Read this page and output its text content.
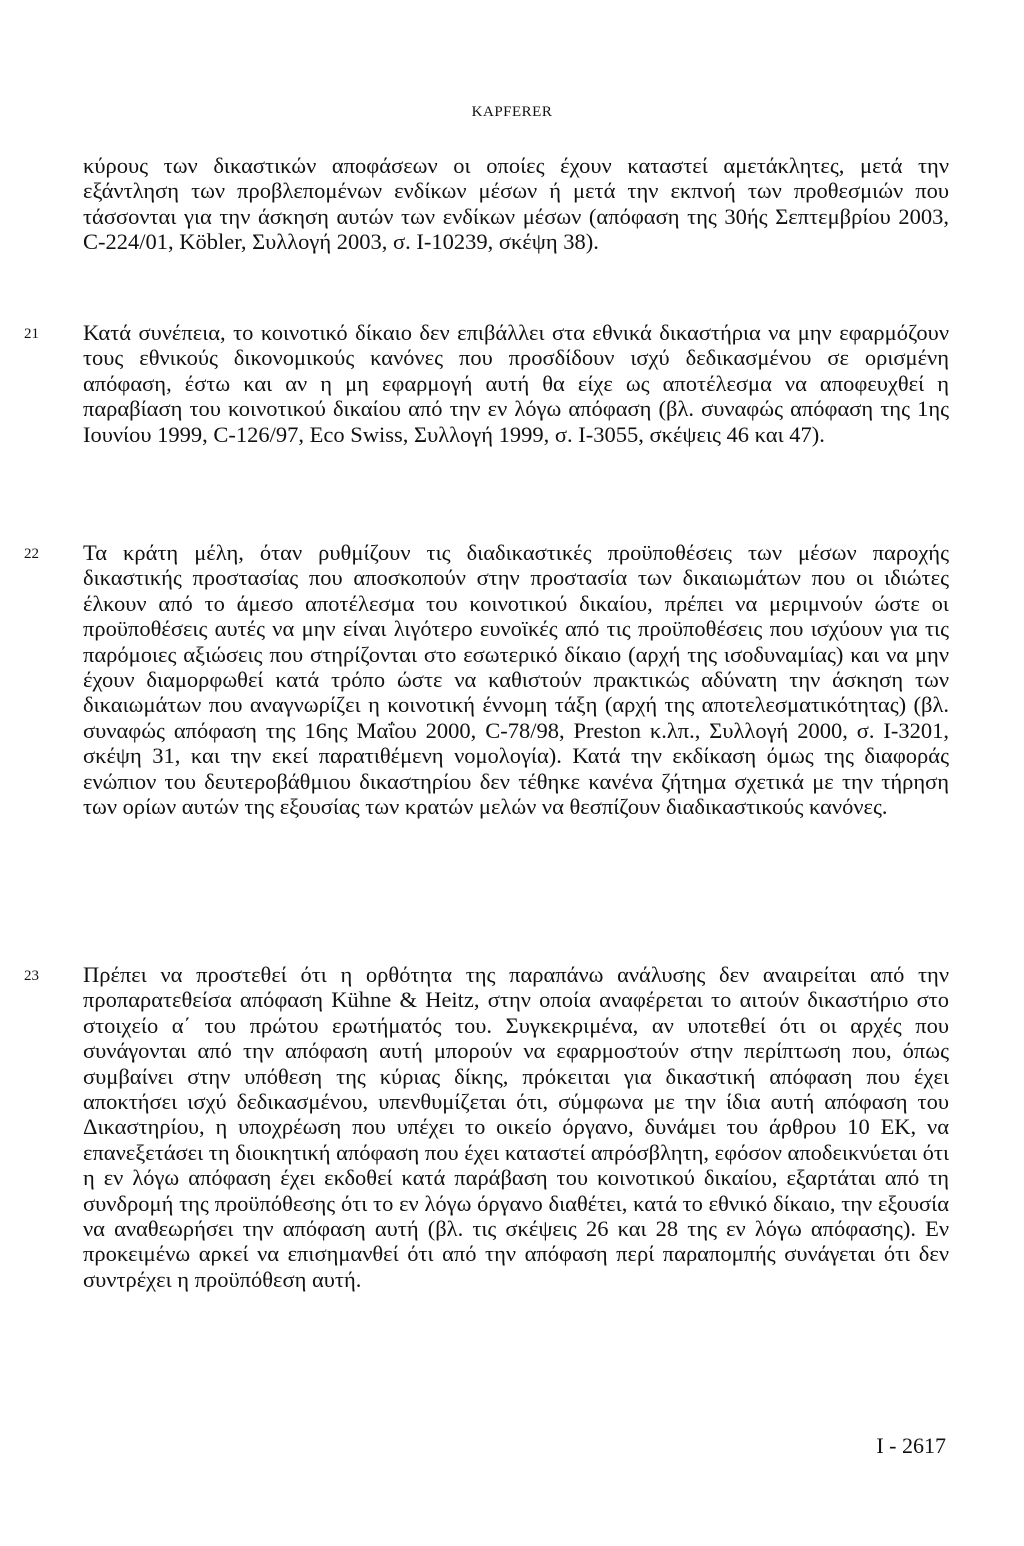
KAPFERER

κύρους των δικαστικών αποφάσεων οι οποίες έχουν καταστεί αμετάκλητες, μετά την εξάντληση των προβλεπομένων ενδίκων μέσων ή μετά την εκπνοή των προθεσμιών που τάσσονται για την άσκηση αυτών των ενδίκων μέσων (απόφαση της 30ής Σεπτεμβρίου 2003, C-224/01, Köbler, Συλλογή 2003, σ. I-10239, σκέψη 38).

21 Κατά συνέπεια, το κοινοτικό δίκαιο δεν επιβάλλει στα εθνικά δικαστήρια να μην εφαρμόζουν τους εθνικούς δικονομικούς κανόνες που προσδίδουν ισχύ δεδικασμένου σε ορισμένη απόφαση, έστω και αν η μη εφαρμογή αυτή θα είχε ως αποτέλεσμα να αποφευχθεί η παραβίαση του κοινοτικού δικαίου από την εν λόγω απόφαση (βλ. συναφώς απόφαση της 1ης Ιουνίου 1999, C-126/97, Eco Swiss, Συλλογή 1999, σ. I-3055, σκέψεις 46 και 47).

22 Τα κράτη μέλη, όταν ρυθμίζουν τις διαδικαστικές προϋποθέσεις των μέσων παροχής δικαστικής προστασίας που αποσκοπούν στην προστασία των δικαιωμάτων που οι ιδιώτες έλκουν από το άμεσο αποτέλεσμα του κοινοτικού δικαίου, πρέπει να μεριμνούν ώστε οι προϋποθέσεις αυτές να μην είναι λιγότερο ευνοϊκές από τις προϋποθέσεις που ισχύουν για τις παρόμοιες αξιώσεις που στηρίζονται στο εσωτερικό δίκαιο (αρχή της ισοδυναμίας) και να μην έχουν διαμορφωθεί κατά τρόπο ώστε να καθιστούν πρακτικώς αδύνατη την άσκηση των δικαιωμάτων που αναγνωρίζει η κοινοτική έννομη τάξη (αρχή της αποτελεσματικότητας) (βλ. συναφώς απόφαση της 16ης Μαΐου 2000, C-78/98, Preston κ.λπ., Συλλογή 2000, σ. I-3201, σκέψη 31, και την εκεί παρατιθέμενη νομολογία). Κατά την εκδίκαση όμως της διαφοράς ενώπιον του δευτεροβάθμιου δικαστηρίου δεν τέθηκε κανένα ζήτημα σχετικά με την τήρηση των ορίων αυτών της εξουσίας των κρατών μελών να θεσπίζουν διαδικαστικούς κανόνες.

23 Πρέπει να προστεθεί ότι η ορθότητα της παραπάνω ανάλυσης δεν αναιρείται από την προπαρατεθείσα απόφαση Kühne & Heitz, στην οποία αναφέρεται το αιτούν δικαστήριο στο στοιχείο α΄ του πρώτου ερωτήματός του. Συγκεκριμένα, αν υποτεθεί ότι οι αρχές που συνάγονται από την απόφαση αυτή μπορούν να εφαρμοστούν στην περίπτωση που, όπως συμβαίνει στην υπόθεση της κύριας δίκης, πρόκειται για δικαστική απόφαση που έχει αποκτήσει ισχύ δεδικασμένου, υπενθυμίζεται ότι, σύμφωνα με την ίδια αυτή απόφαση του Δικαστηρίου, η υποχρέωση που υπέχει το οικείο όργανο, δυνάμει του άρθρου 10 ΕΚ, να επανεξετάσει τη διοικητική απόφαση που έχει καταστεί απρόσβλητη, εφόσον αποδεικνύεται ότι η εν λόγω απόφαση έχει εκδοθεί κατά παράβαση του κοινοτικού δικαίου, εξαρτάται από τη συνδρομή της προϋπόθεσης ότι το εν λόγω όργανο διαθέτει, κατά το εθνικό δίκαιο, την εξουσία να αναθεωρήσει την απόφαση αυτή (βλ. τις σκέψεις 26 και 28 της εν λόγω απόφασης). Εν προκειμένω αρκεί να επισημανθεί ότι από την απόφαση περί παραπομπής συνάγεται ότι δεν συντρέχει η προϋπόθεση αυτή.

I - 2617
